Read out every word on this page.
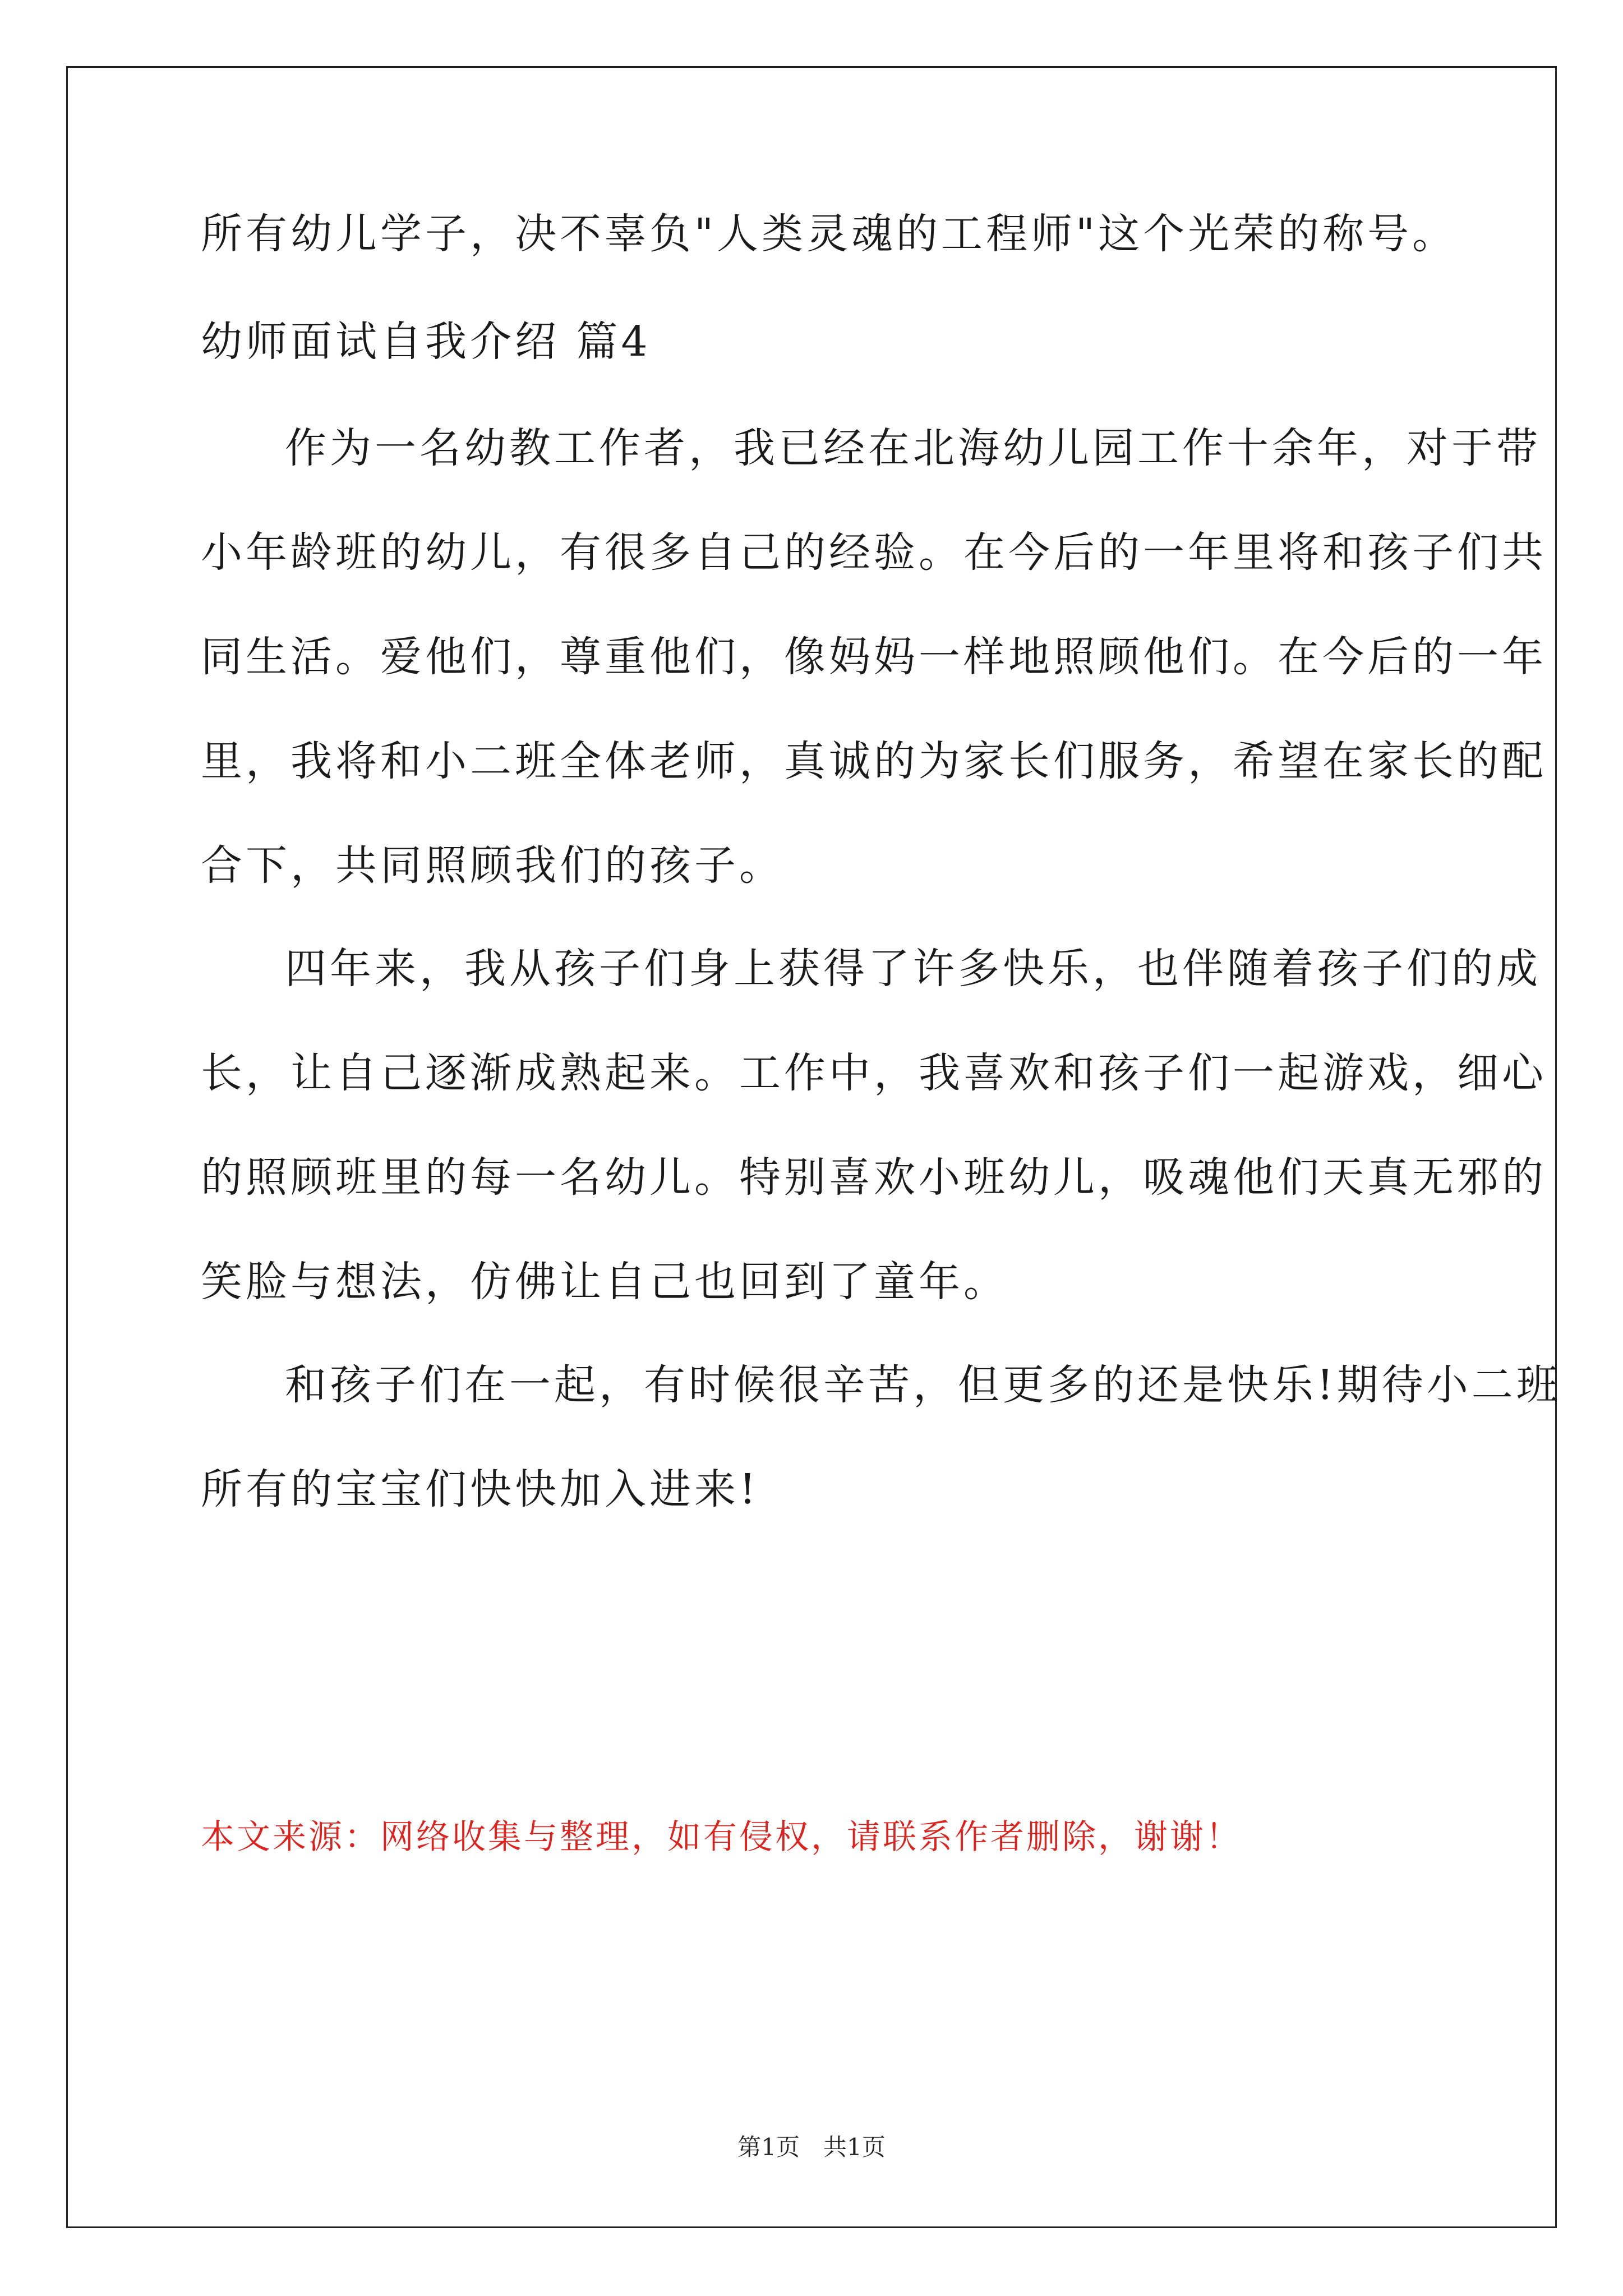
所有幼儿学子，决不辜负"人类灵魂的工程师"这个光荣的称号。
幼师面试自我介绍 篇4
作为一名幼教工作者，我已经在北海幼儿园工作十余年，对于带
小年龄班的幼儿，有很多自己的经验。在今后的一年里将和孩子们共
同生活。爱他们，尊重他们，像妈妈一样地照顾他们。在今后的一年
里，我将和小二班全体老师，真诚的为家长们服务，希望在家长的配
合下，共同照顾我们的孩子。
四年来，我从孩子们身上获得了许多快乐，也伴随着孩子们的成
长，让自己逐渐成熟起来。工作中，我喜欢和孩子们一起游戏，细心
的照顾班里的每一名幼儿。特别喜欢小班幼儿，吸魂他们天真无邪的
笑脸与想法，仿佛让自己也回到了童年。
和孩子们在一起，有时候很辛苦，但更多的还是快乐!期待小二班
所有的宝宝们快快加入进来!
本文来源：网络收集与整理，如有侵权，请联系作者删除，谢谢！
第1页　共1页
